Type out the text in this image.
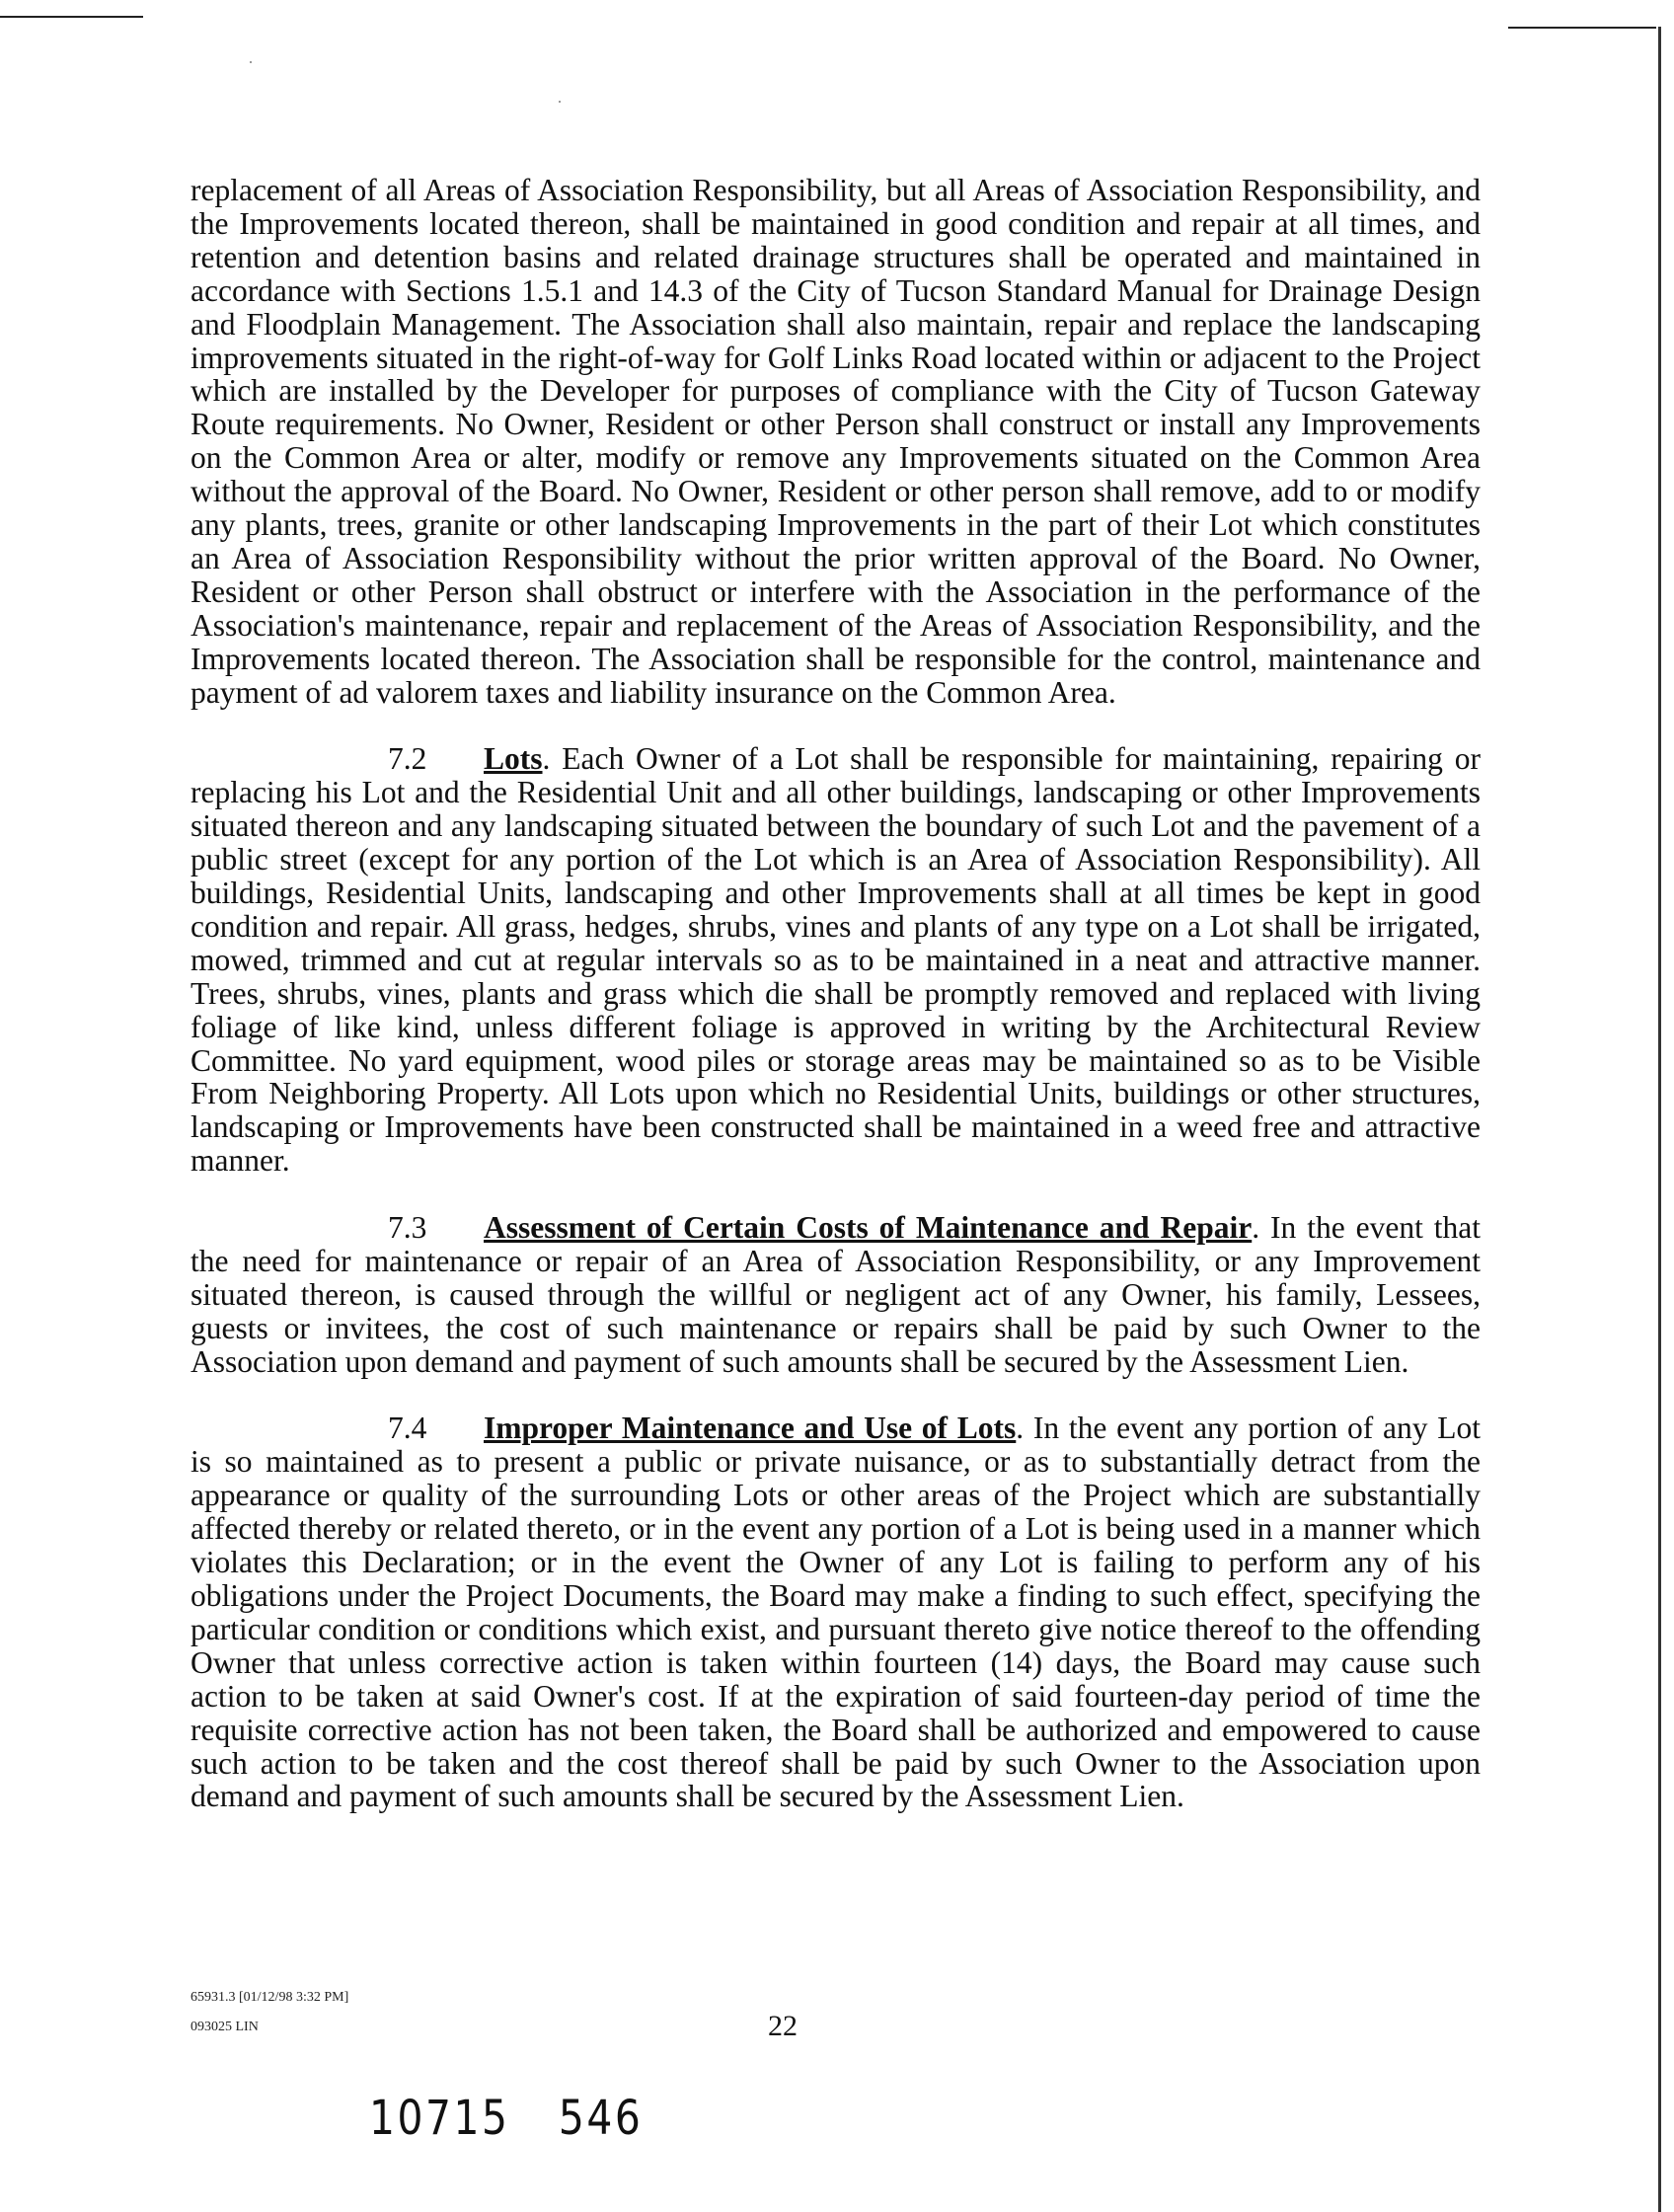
replacement of all Areas of Association Responsibility, but all Areas of Association Responsibility, and the Improvements located thereon, shall be maintained in good condition and repair at all times, and retention and detention basins and related drainage structures shall be operated and maintained in accordance with Sections 1.5.1 and 14.3 of the City of Tucson Standard Manual for Drainage Design and Floodplain Management. The Association shall also maintain, repair and replace the landscaping improvements situated in the right-of-way for Golf Links Road located within or adjacent to the Project which are installed by the Developer for purposes of compliance with the City of Tucson Gateway Route requirements. No Owner, Resident or other Person shall construct or install any Improvements on the Common Area or alter, modify or remove any Improvements situated on the Common Area without the approval of the Board. No Owner, Resident or other person shall remove, add to or modify any plants, trees, granite or other landscaping Improvements in the part of their Lot which constitutes an Area of Association Responsibility without the prior written approval of the Board. No Owner, Resident or other Person shall obstruct or interfere with the Association in the performance of the Association's maintenance, repair and replacement of the Areas of Association Responsibility, and the Improvements located thereon. The Association shall be responsible for the control, maintenance and payment of ad valorem taxes and liability insurance on the Common Area.

7.2 Lots. Each Owner of a Lot shall be responsible for maintaining, repairing or replacing his Lot and the Residential Unit and all other buildings, landscaping or other Improvements situated thereon and any landscaping situated between the boundary of such Lot and the pavement of a public street (except for any portion of the Lot which is an Area of Association Responsibility). All buildings, Residential Units, landscaping and other Improvements shall at all times be kept in good condition and repair. All grass, hedges, shrubs, vines and plants of any type on a Lot shall be irrigated, mowed, trimmed and cut at regular intervals so as to be maintained in a neat and attractive manner. Trees, shrubs, vines, plants and grass which die shall be promptly removed and replaced with living foliage of like kind, unless different foliage is approved in writing by the Architectural Review Committee. No yard equipment, wood piles or storage areas may be maintained so as to be Visible From Neighboring Property. All Lots upon which no Residential Units, buildings or other structures, landscaping or Improvements have been constructed shall be maintained in a weed free and attractive manner.

7.3 Assessment of Certain Costs of Maintenance and Repair. In the event that the need for maintenance or repair of an Area of Association Responsibility, or any Improvement situated thereon, is caused through the willful or negligent act of any Owner, his family, Lessees, guests or invitees, the cost of such maintenance or repairs shall be paid by such Owner to the Association upon demand and payment of such amounts shall be secured by the Assessment Lien.

7.4 Improper Maintenance and Use of Lots. In the event any portion of any Lot is so maintained as to present a public or private nuisance, or as to substantially detract from the appearance or quality of the surrounding Lots or other areas of the Project which are substantially affected thereby or related thereto, or in the event any portion of a Lot is being used in a manner which violates this Declaration; or in the event the Owner of any Lot is failing to perform any of his obligations under the Project Documents, the Board may make a finding to such effect, specifying the particular condition or conditions which exist, and pursuant thereto give notice thereof to the offending Owner that unless corrective action is taken within fourteen (14) days, the Board may cause such action to be taken at said Owner's cost. If at the expiration of said fourteen-day period of time the requisite corrective action has not been taken, the Board shall be authorized and empowered to cause such action to be taken and the cost thereof shall be paid by such Owner to the Association upon demand and payment of such amounts shall be secured by the Assessment Lien.

65931.3 [01/12/98 3:32 PM]
093025 LIN	22
10715 546
